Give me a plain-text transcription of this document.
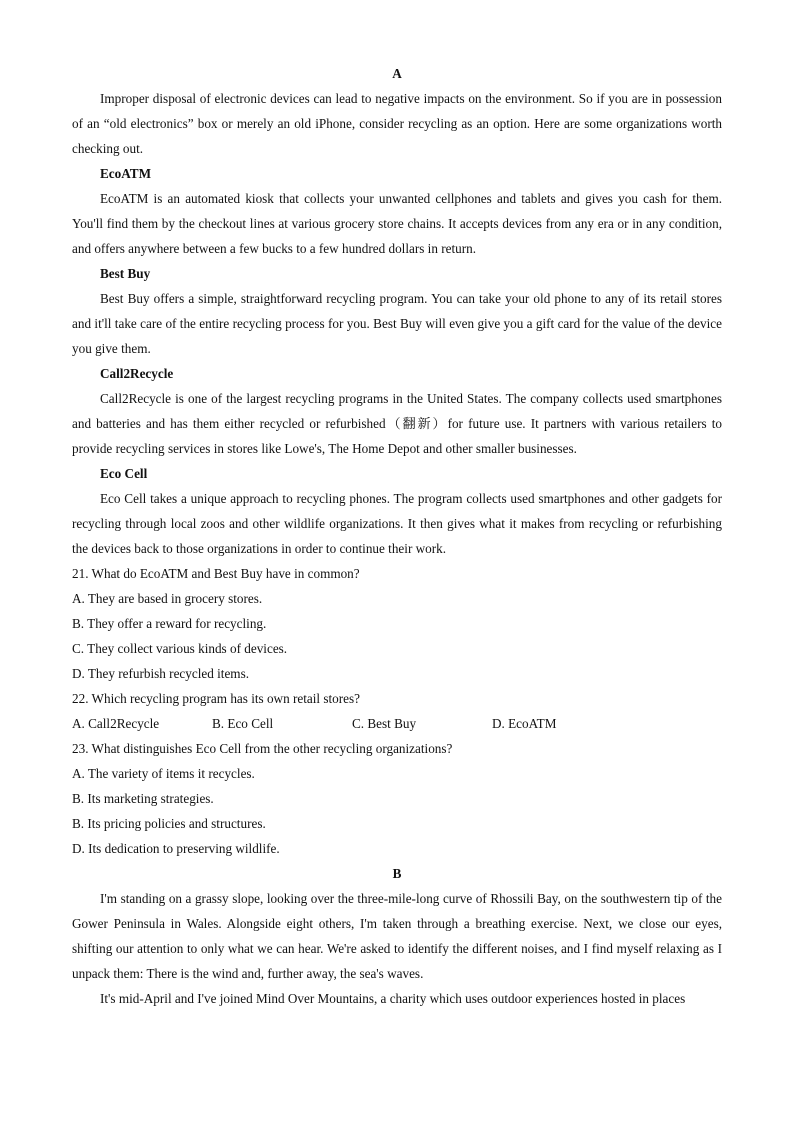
A

Improper disposal of electronic devices can lead to negative impacts on the environment. So if you are in possession of an “old electronics” box or merely an old iPhone, consider recycling as an option. Here are some organizations worth checking out.

EcoATM

EcoATM is an automated kiosk that collects your unwanted cellphones and tablets and gives you cash for them. You'll find them by the checkout lines at various grocery store chains. It accepts devices from any era or in any condition, and offers anywhere between a few bucks to a few hundred dollars in return.

Best Buy

Best Buy offers a simple, straightforward recycling program. You can take your old phone to any of its retail stores and it'll take care of the entire recycling process for you. Best Buy will even give you a gift card for the value of the device you give them.

Call2Recycle

Call2Recycle is one of the largest recycling programs in the United States. The company collects used smartphones and batteries and has them either recycled or refurbished（翻新）for future use. It partners with various retailers to provide recycling services in stores like Lowe's, The Home Depot and other smaller businesses.

Eco Cell

Eco Cell takes a unique approach to recycling phones. The program collects used smartphones and other gadgets for recycling through local zoos and other wildlife organizations. It then gives what it makes from recycling or refurbishing the devices back to those organizations in order to continue their work.

21. What do EcoATM and Best Buy have in common?

A. They are based in grocery stores.

B. They offer a reward for recycling.

C. They collect various kinds of devices.

D. They refurbish recycled items.

22. Which recycling program has its own retail stores?

A. Call2Recycle	B. Eco Cell	C. Best Buy	D. EcoATM

23. What distinguishes Eco Cell from the other recycling organizations?

A. The variety of items it recycles.

B. Its marketing strategies.

B. Its pricing policies and structures.

D. Its dedication to preserving wildlife.

B

I'm standing on a grassy slope, looking over the three-mile-long curve of Rhossili Bay, on the southwestern tip of the Gower Peninsula in Wales. Alongside eight others, I'm taken through a breathing exercise. Next, we close our eyes, shifting our attention to only what we can hear. We're asked to identify the different noises, and I find myself relaxing as I unpack them: There is the wind and, further away, the sea's waves.

It's mid-April and I've joined Mind Over Mountains, a charity which uses outdoor experiences hosted in places
